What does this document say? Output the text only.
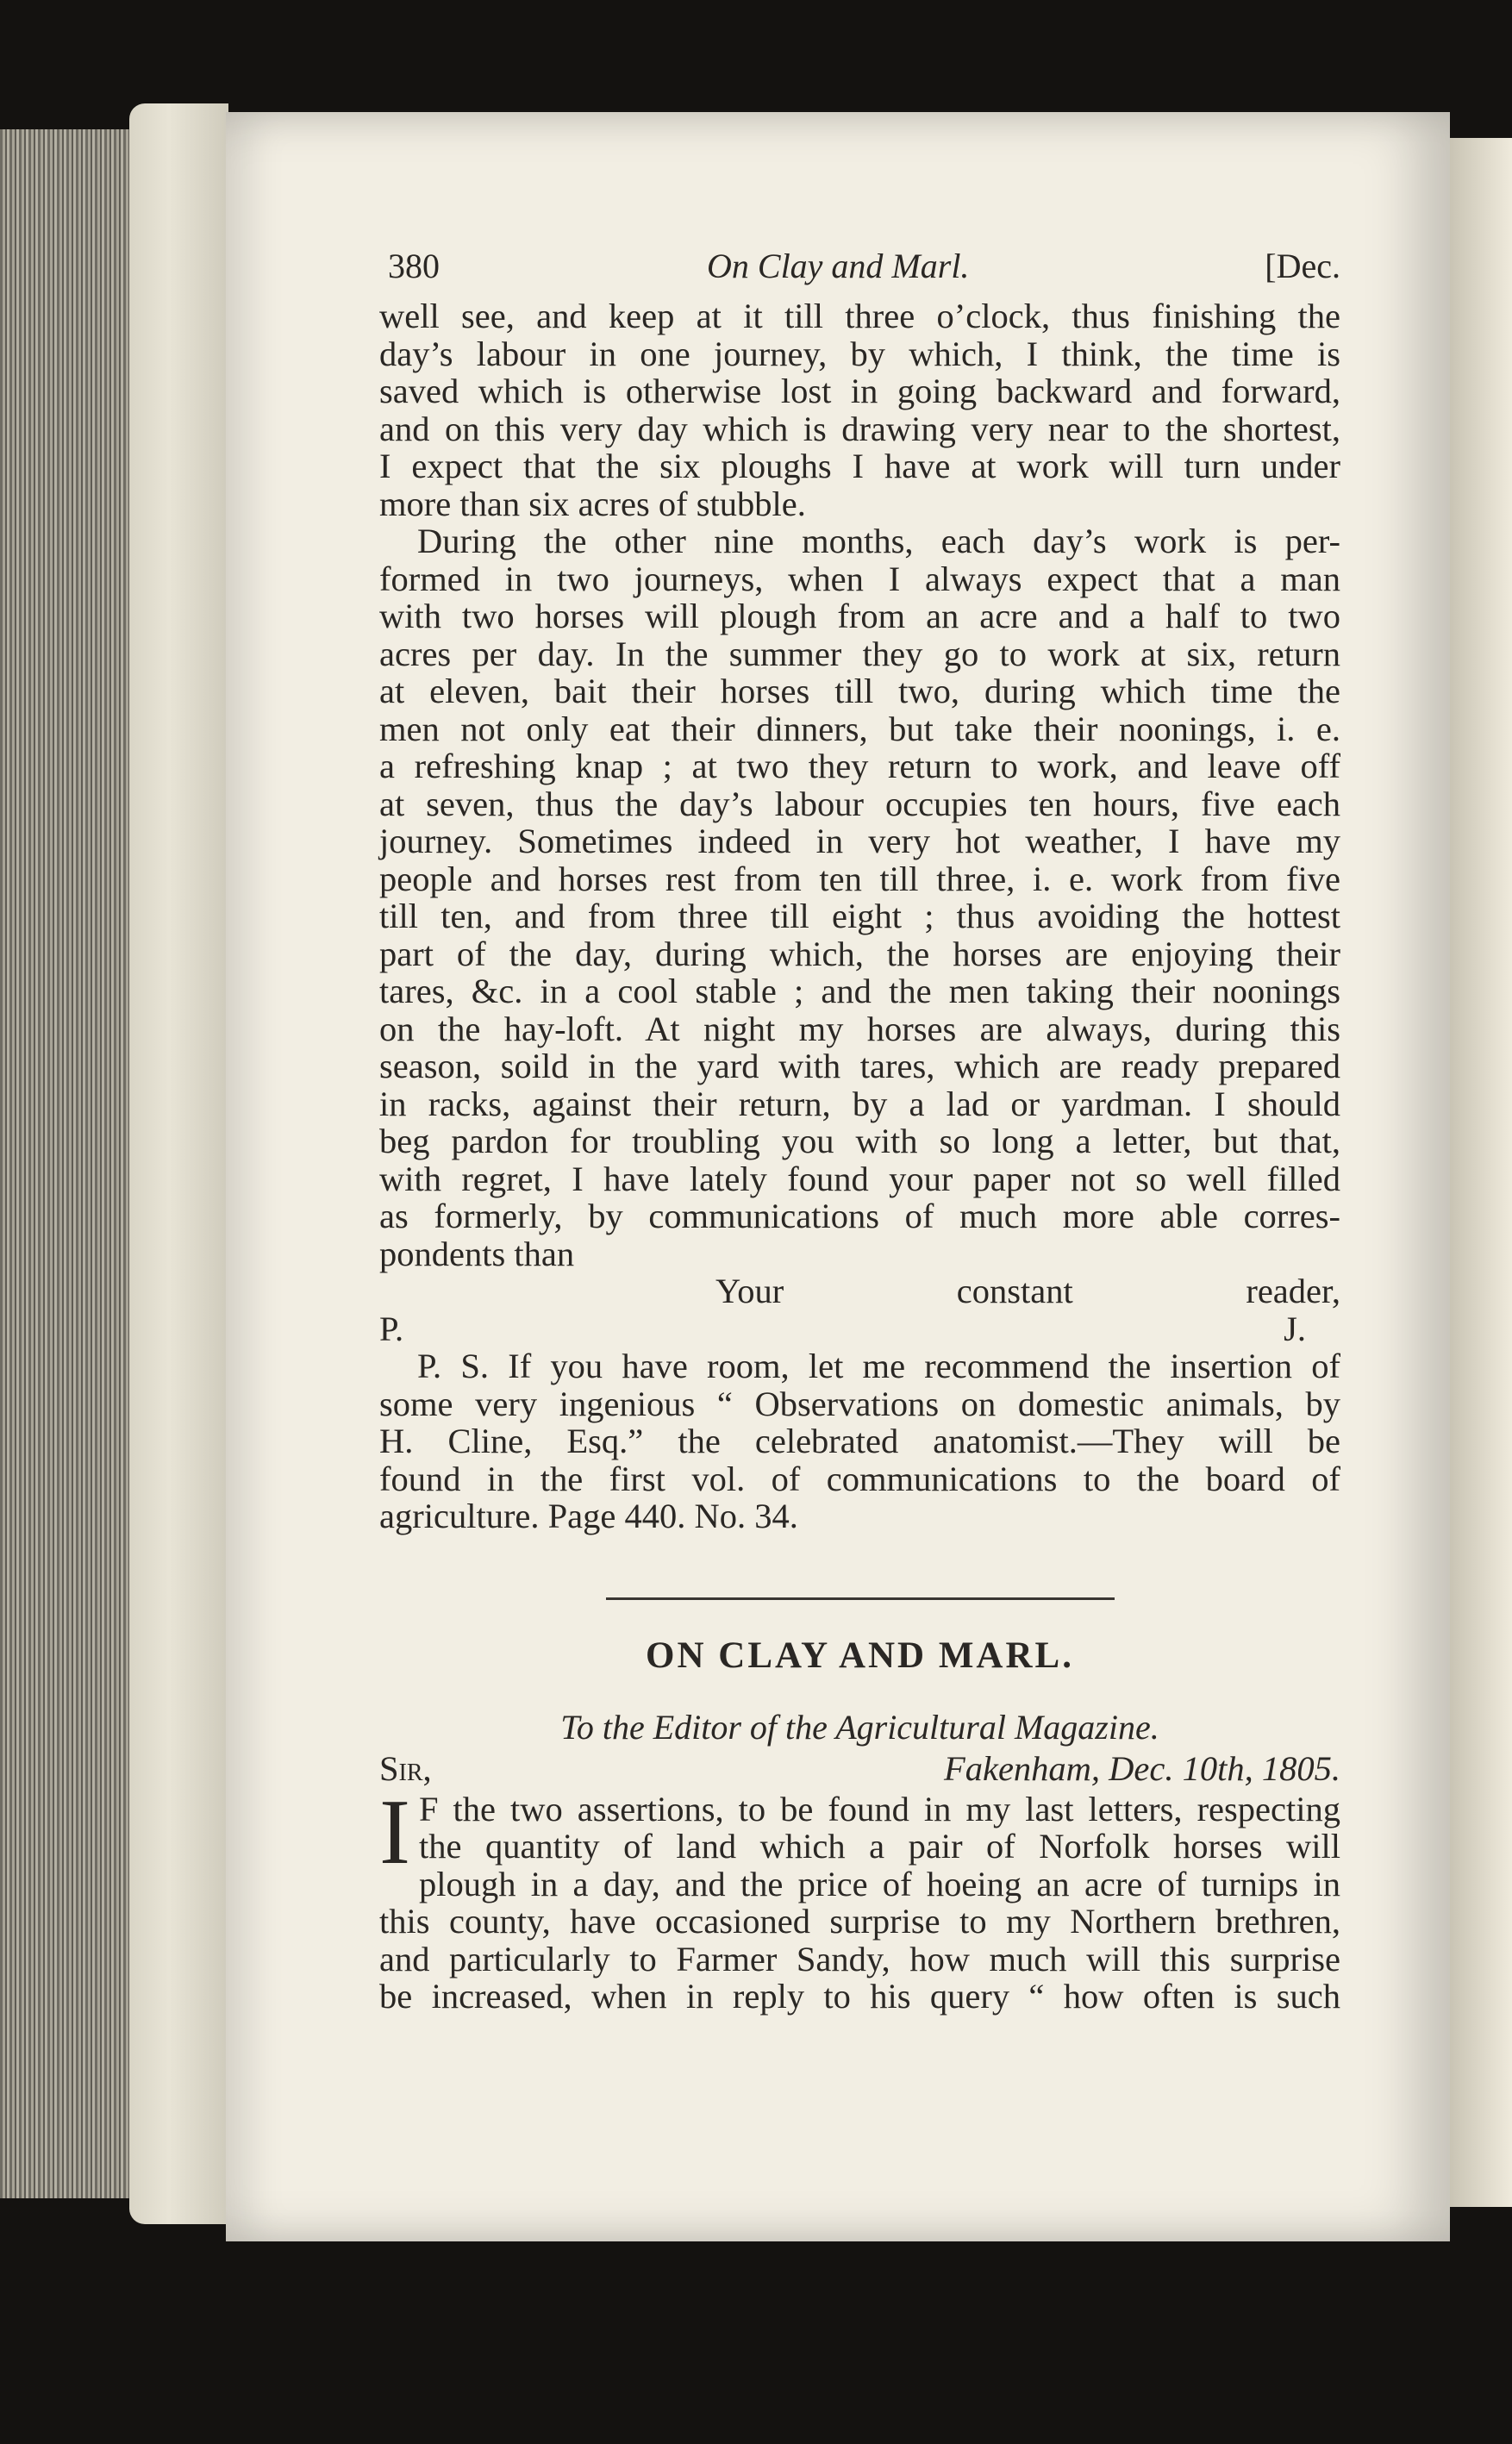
380	On Clay and Marl.	[Dec.

well see, and keep at it till three o’clock, thus finishing the

day’s labour in one journey, by which, I think, the time is

saved which is otherwise lost in going backward and forward,

and on this very day which is drawing very near to the shortest,

I expect that the six ploughs I have at work will turn under

more than six acres of stubble.

During the other nine months, each day’s work is per-

formed in two journeys, when I always expect that a man

with two horses will plough from an acre and a half to two

acres per day. In the summer they go to work at six, return

at eleven, bait their horses till two, during which time the

men not only eat their dinners, but take their noonings, i. e.

a refreshing knap ; at two they return to work, and leave off

at seven, thus the day’s labour occupies ten hours, five each

journey. Sometimes indeed in very hot weather, I have my

people and horses rest from ten till three, i. e. work from five

till ten, and from three till eight ; thus avoiding the hottest

part of the day, during which, the horses are enjoying their

tares, &c. in a cool stable ; and the men taking their noonings

on the hay-loft. At night my horses are always, during this

season, soild in the yard with tares, which are ready prepared

in racks, against their return, by a lad or yardman. I should

beg pardon for troubling you with so long a letter, but that,

with regret, I have lately found your paper not so well filled

as formerly, by communications of much more able corres-

pondents than

Your constant reader,

P. J.

P. S. If you have room, let me recommend the insertion of

some very ingenious “ Observations on domestic animals, by

H. Cline, Esq.” the celebrated anatomist.—They will be

found in the first vol. of communications to the board of

agriculture. Page 440. No. 34.

ON CLAY AND MARL.

To the Editor of the Agricultural Magazine.

Sir,	Fakenham, Dec. 10th, 1805.
I F the two assertions, to be found in my last letters, respecting

the quantity of land which a pair of Norfolk horses will

plough in a day, and the price of hoeing an acre of turnips in

this county, have occasioned surprise to my Northern brethren,

and particularly to Farmer Sandy, how much will this surprise

be increased, when in reply to his query “ how often is such
